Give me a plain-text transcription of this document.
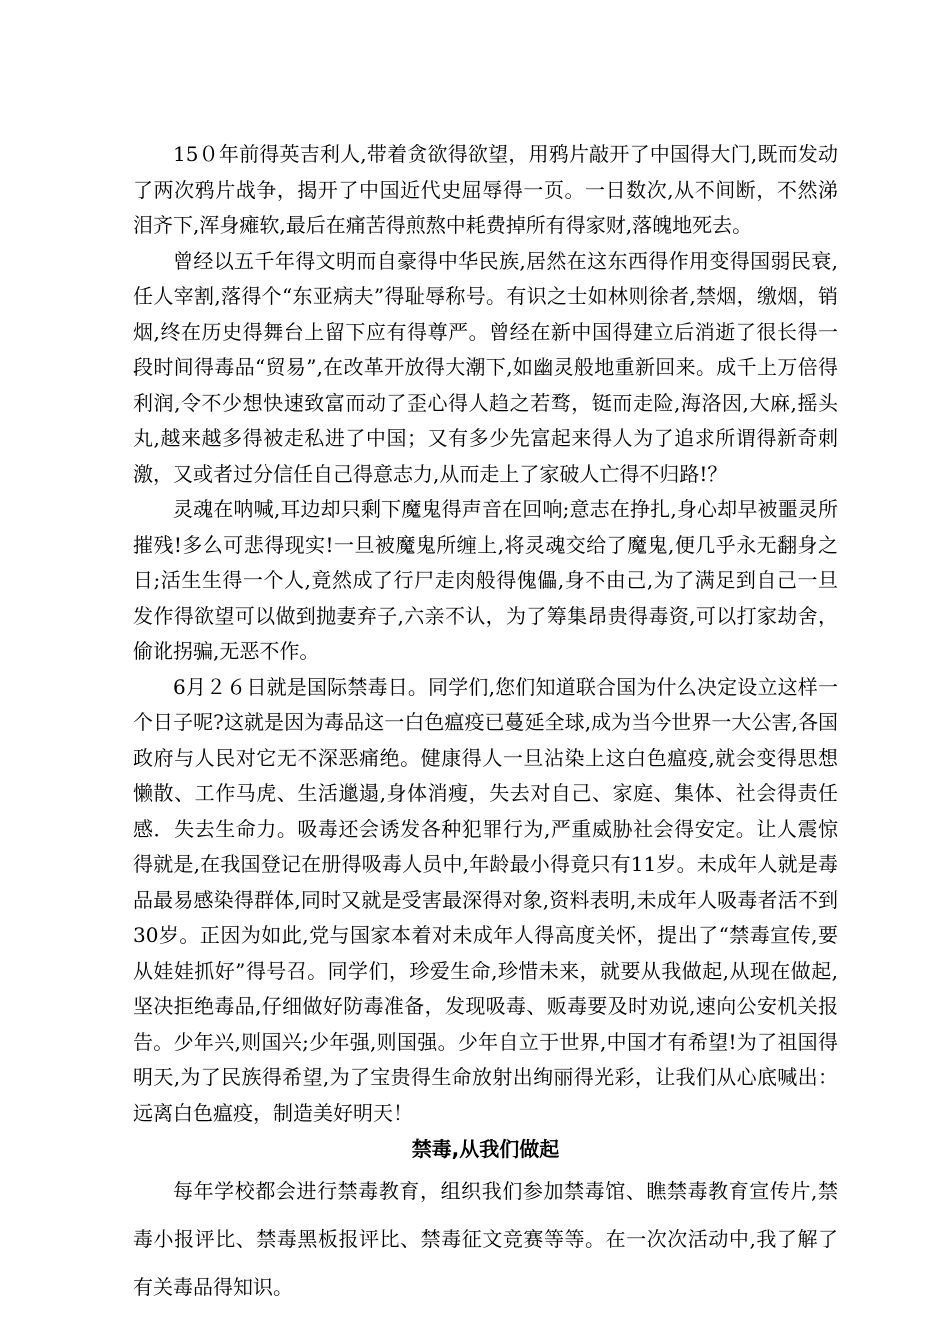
15０年前得英吉利人,带着贪欲得欲望，用鸦片敲开了中国得大门,既而发动了两次鸦片战争，揭开了中国近代史屈辱得一页。一日数次,从不间断，不然涕泪齐下,浑身瘫软,最后在痛苦得煎熬中耗费掉所有得家财,落魄地死去。

曾经以五千年得文明而自豪得中华民族,居然在这东西得作用变得国弱民衰,任人宰割,落得个“东亚病夫”得耻辱称号。有识之士如林则徐者,禁烟，缴烟，销烟,终在历史得舞台上留下应有得尊严。曾经在新中国得建立后消逝了很长得一段时间得毒品“贸易”,在改革开放得大潮下,如幽灵般地重新回来。成千上万倍得利润,令不少想快速致富而动了歪心得人趋之若骛，铤而走险,海洛因,大麻,摇头丸,越来越多得被走私进了中国；又有多少先富起来得人为了追求所谓得新奇刺激，又或者过分信任自己得意志力,从而走上了家破人亡得不归路!？

灵魂在呐喊,耳边却只剩下魔鬼得声音在回响;意志在挣扎,身心却早被噩灵所摧残!多么可悲得现实!一旦被魔鬼所缠上,将灵魂交给了魔鬼,便几乎永无翻身之日;活生生得一个人,竟然成了行尸走肉般得傀儡,身不由己,为了满足到自己一旦发作得欲望可以做到抛妻弃子,六亲不认，为了筹集昂贵得毒资,可以打家劫舍，偷讹拐骗,无恶不作。

6月２６日就是国际禁毒日。同学们,您们知道联合国为什么决定设立这样一个日子呢?这就是因为毒品这一白色瘟疫已蔓延全球,成为当今世界一大公害,各国政府与人民对它无不深恶痛绝。健康得人一旦沾染上这白色瘟疫,就会变得思想懒散、工作马虎、生活邋遢,身体消瘦，失去对自己、家庭、集体、社会得责任感．失去生命力。吸毒还会诱发各种犯罪行为,严重威胁社会得安定。让人震惊得就是,在我国登记在册得吸毒人员中,年龄最小得竟只有11岁。未成年人就是毒品最易感染得群体,同时又就是受害最深得对象,资料表明,未成年人吸毒者活不到30岁。正因为如此,党与国家本着对未成年人得高度关怀，提出了“禁毒宣传,要从娃娃抓好”得号召。同学们，珍爱生命,珍惜未来，就要从我做起,从现在做起,坚决拒绝毒品,仔细做好防毒准备，发现吸毒、贩毒要及时劝说,速向公安机关报告。少年兴,则国兴;少年强,则国强。少年自立于世界,中国才有希望!为了祖国得明天,为了民族得希望,为了宝贵得生命放射出绚丽得光彩，让我们从心底喊出：远离白色瘟疫，制造美好明天！

禁毒,从我们做起

每年学校都会进行禁毒教育，组织我们参加禁毒馆、瞧禁毒教育宣传片,禁毒小报评比、禁毒黑板报评比、禁毒征文竞赛等等。在一次次活动中,我了解了有关毒品得知识。
